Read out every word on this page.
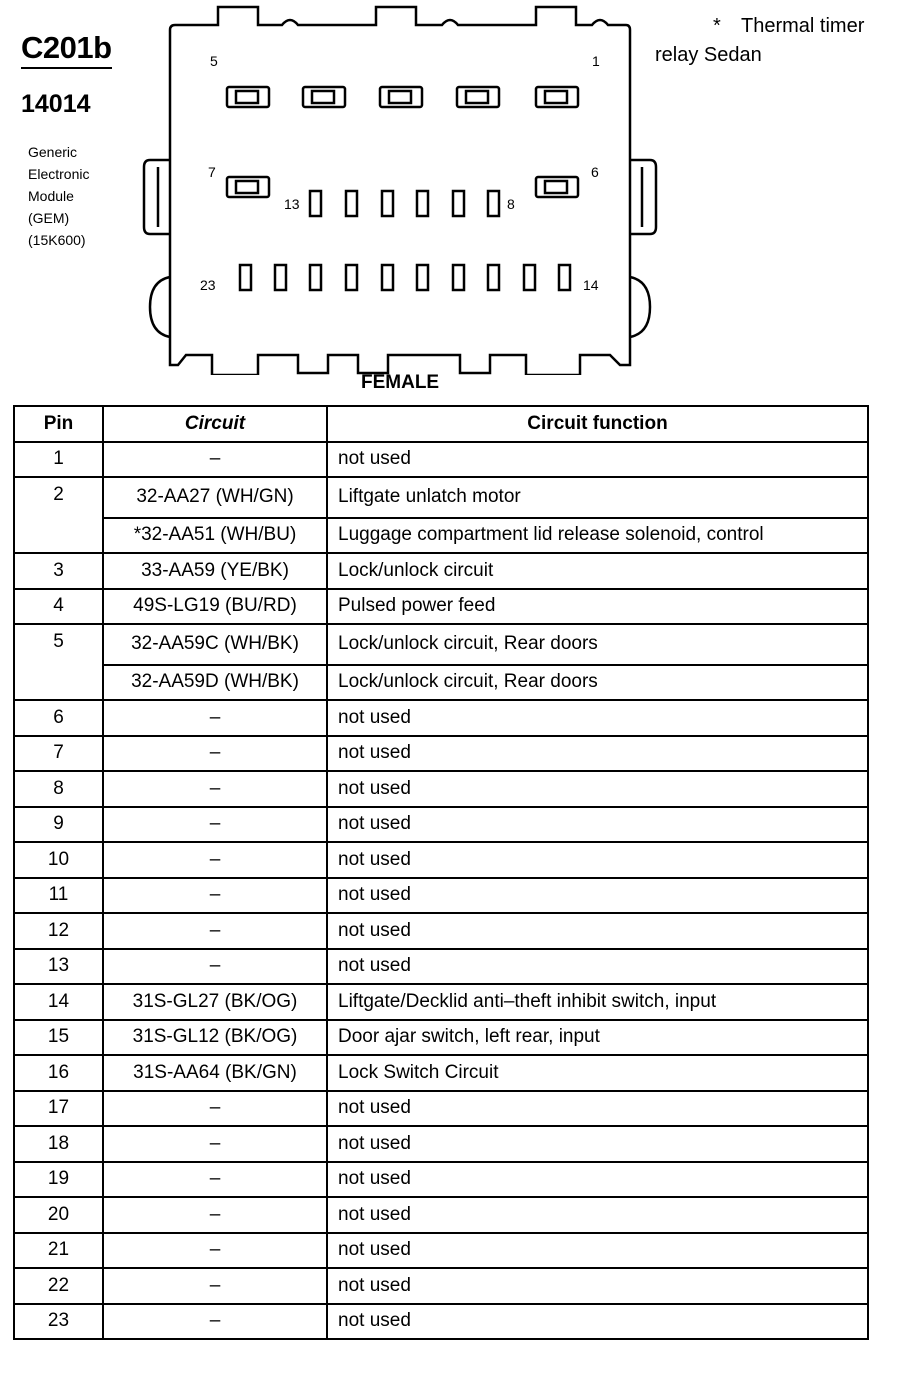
C201b
14014
Generic
Electronic
Module
(GEM)
(15K600)
* Thermal timer
relay Sedan
5	1
7	6
13	8
23	14
FEMALE
Pin	Circuit	Circuit function
1	–	not used
2	32-AA27 (WH/GN)	Liftgate unlatch motor
	*32-AA51 (WH/BU)	Luggage compartment lid release solenoid, control
3	33-AA59 (YE/BK)	Lock/unlock circuit
4	49S-LG19 (BU/RD)	Pulsed power feed
5	32-AA59C (WH/BK)	Lock/unlock circuit, Rear doors
	32-AA59D (WH/BK)	Lock/unlock circuit, Rear doors
6	–	not used
7	–	not used
8	–	not used
9	–	not used
10	–	not used
11	–	not used
12	–	not used
13	–	not used
14	31S-GL27 (BK/OG)	Liftgate/Decklid anti–theft inhibit switch, input
15	31S-GL12 (BK/OG)	Door ajar switch, left rear, input
16	31S-AA64 (BK/GN)	Lock Switch Circuit
17	–	not used
18	–	not used
19	–	not used
20	–	not used
21	–	not used
22	–	not used
23	–	not used
